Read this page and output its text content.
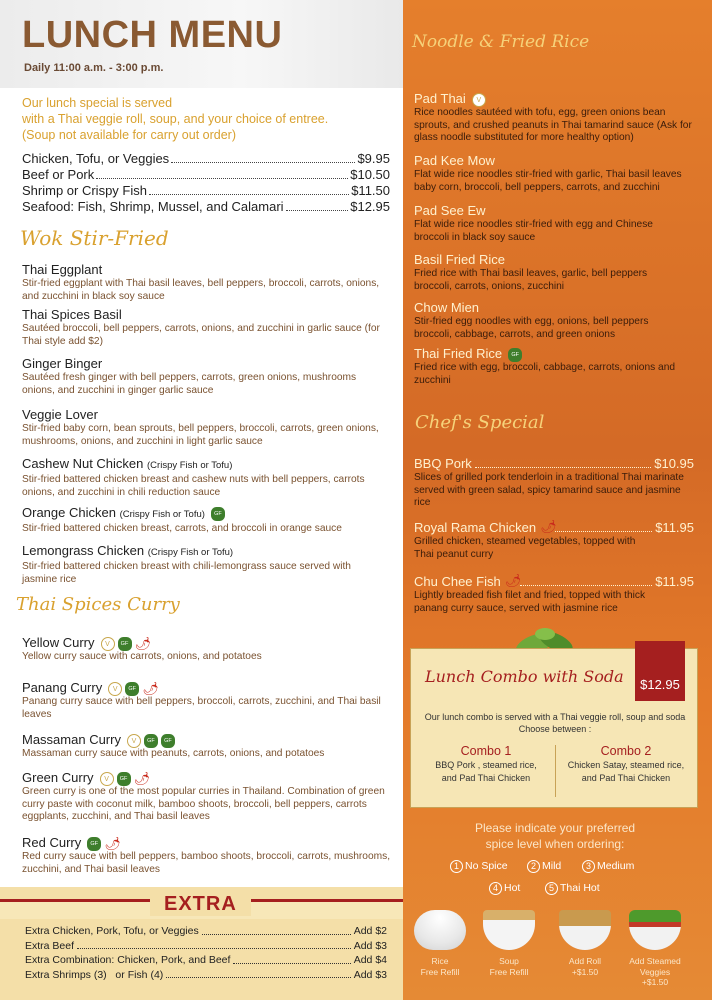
LUNCH MENU
Daily 11:00 a.m. - 3:00 p.m.
Our lunch special is served
with a Thai veggie roll, soup, and your choice of entree.
(Soup not available for carry out order)
Chicken, Tofu, or Veggies	$9.95
Beef or Pork	$10.50
Shrimp or Crispy Fish	$11.50
Seafood: Fish, Shrimp, Mussel, and Calamari	$12.95
Wok Stir-Fried
Thai Eggplant
Stir-fried eggplant with Thai basil leaves, bell peppers, broccoli, carrots, onions, and zucchini in black soy sauce
Thai Spices Basil
Sautéed broccoli, bell peppers, carrots, onions, and zucchini in garlic sauce (for Thai style add $2)
Ginger Binger
Sautéed fresh ginger with bell peppers, carrots, green onions, mushrooms onions, and zucchini in ginger garlic sauce
Veggie Lover
Stir-fried baby corn, bean sprouts, bell peppers, broccoli, carrots, green onions, mushrooms, onions, and zucchini in light garlic sauce
Cashew Nut Chicken (Crispy Fish or Tofu)
Stir-fried battered chicken breast and cashew nuts with bell peppers, carrots onions, and zucchini in chili reduction sauce
Orange Chicken (Crispy Fish or Tofu)	GF
Stir-fried battered chicken breast, carrots, and broccoli in orange sauce
Lemongrass Chicken (Crispy Fish or Tofu)
Stir-fried battered chicken breast with chili-lemongrass sauce served with jasmine rice
Thai Spices Curry
Yellow Curry	V	GF 🌶
Yellow curry sauce with carrots, onions, and potatoes
Panang Curry	V	GF 🌶
Panang curry sauce with bell peppers, broccoli, carrots, zucchini, and Thai basil leaves
Massaman Curry	V	GF	GF
Massaman curry sauce with peanuts, carrots, onions, and potatoes
Green Curry	V	GF 🌶
Green curry is one of the most popular curries in Thailand. Combination of green curry paste with coconut milk, bamboo shoots, broccoli, bell peppers, carrots eggplants, zucchini, and Thai basil leaves
Red Curry	GF 🌶
Red curry sauce with bell peppers, bamboo shoots, broccoli, carrots, mushrooms, zucchini, and Thai basil leaves
EXTRA
Extra Chicken, Pork, Tofu, or Veggies	Add $2
Extra Beef	Add $3
Extra Combination: Chicken, Pork, and Beef	Add $4
Extra Shrimps (3)   or Fish (4)	Add $3
Noodle & Fried Rice
Pad Thai	V
Rice noodles sautéed with tofu, egg, green onions bean sprouts, and crushed peanuts in Thai tamarind sauce (Ask for glass noodle substituted for more healthy option)
Pad Kee Mow
Flat wide rice noodles stir-fried with garlic, Thai basil leaves baby corn, broccoli, bell peppers, carrots, and zucchini
Pad See Ew
Flat wide rice noodles stir-fried with egg and Chinese broccoli in black soy sauce
Basil Fried Rice
Fried rice with Thai basil leaves, garlic, bell peppers broccoli, carrots, onions, zucchini
Chow Mien
Stir-fried egg noodles with egg, onions, bell peppers broccoli, cabbage, carrots, and green onions
Thai Fried Rice	GF
Fried rice with egg, broccoli, cabbage, carrots, onions and zucchini
Chef's Special
BBQ Pork	$10.95
Slices of grilled pork tenderloin in a traditional Thai marinate served with green salad, spicy tamarind sauce and jasmine rice
Royal Rama Chicken 🌶	$11.95
Grilled chicken, steamed vegetables, topped with Thai peanut curry
Chu Chee Fish 🌶	$11.95
Lightly breaded fish filet and fried, topped with thick panang curry sauce, served with jasmine rice
Lunch Combo with Soda	$12.95
Our lunch combo is served with a Thai veggie roll, soup and soda
Choose between :
Combo 1
BBQ Pork , steamed rice,
and Pad Thai Chicken
Combo 2
Chicken Satay, steamed rice,
and Pad Thai Chicken
Please indicate your preferred
spice level when ordering:
1 No Spice	2 Mild	3 Medium
4 Hot	5 Thai Hot
Rice
Free Refill
Soup
Free Refill
Add Roll
+$1.50
Add Steamed
Veggies
+$1.50
